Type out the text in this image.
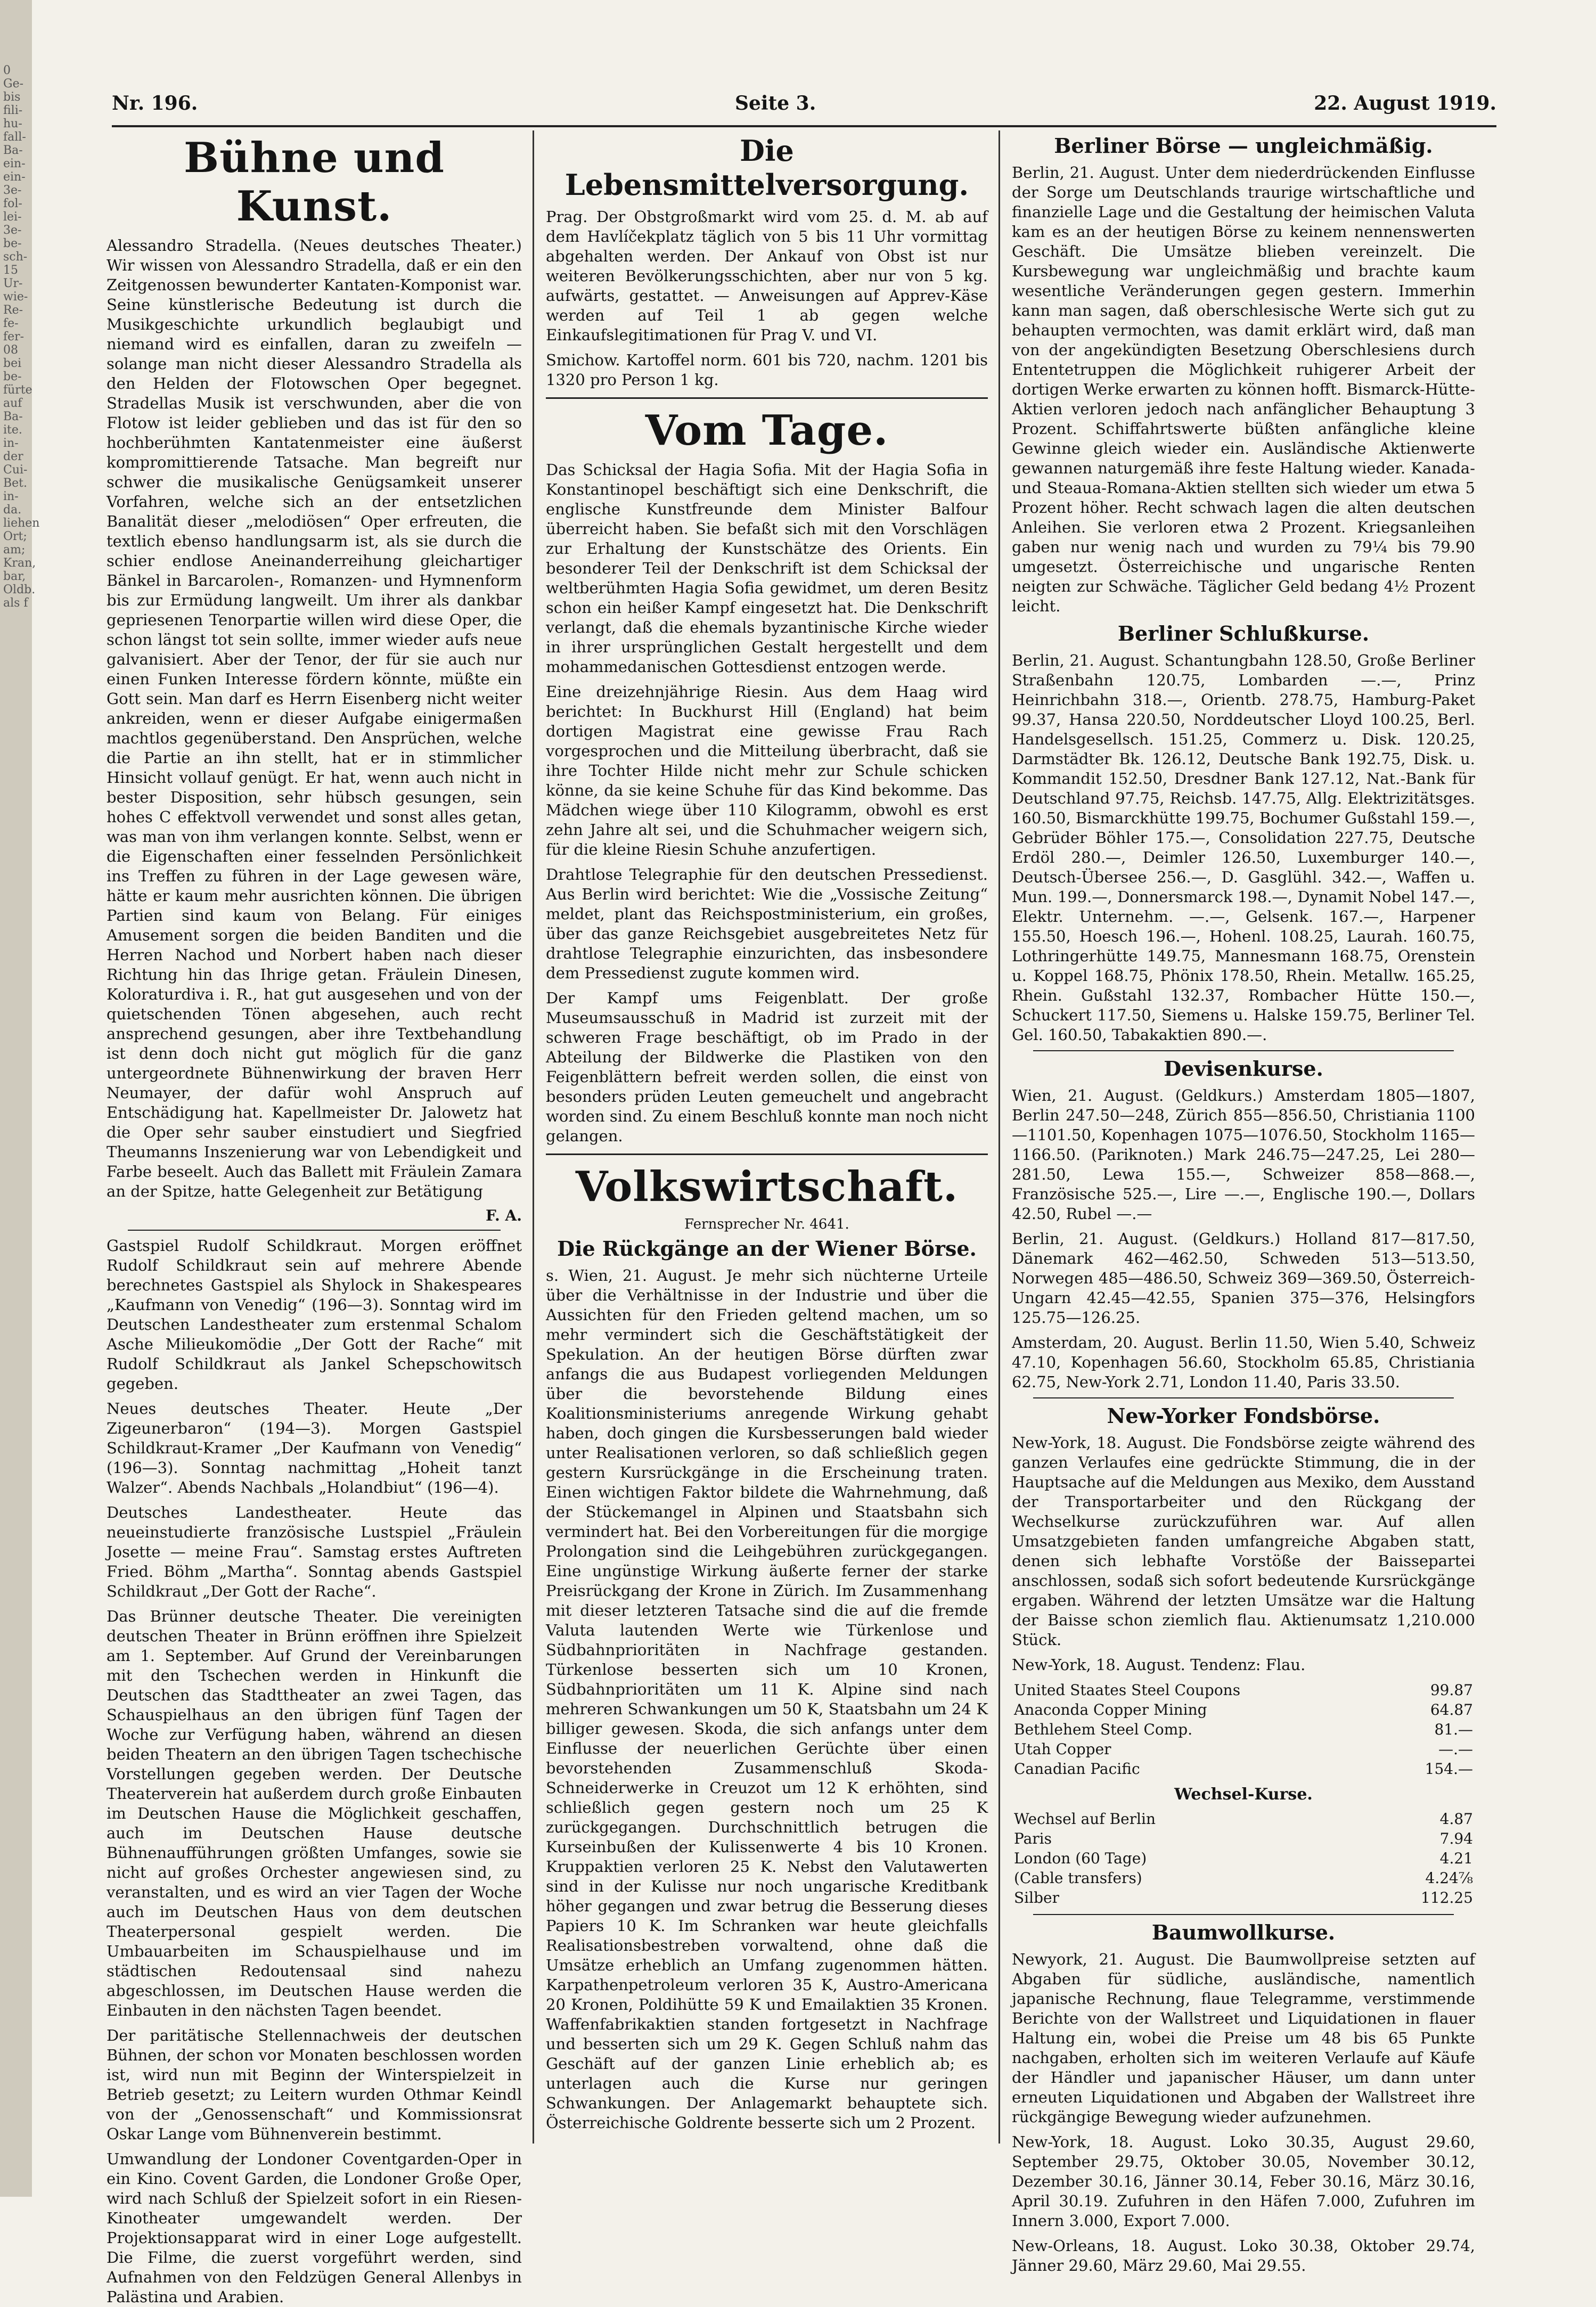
0 Ge- bis fili- hu- fall- Ba- ein- ein- 3e- fol- lei- 3e- be- sch- 15 Ur- wie- Re- fe- fer- 08 bei be- fürte auf Ba- ite. in- der Cui- Bet. in- da. liehen Ort; am; Kran, bar, Oldb. als f
Nr. 196.	Seite 3.	22. August 1919.
Bühne und Kunst.

Alessandro Stradella. (Neues deutsches Theater.) Wir wissen von Alessandro Stradella, daß er ein den Zeitgenossen bewunderter Kantaten-Komponist war. Seine künstlerische Bedeutung ist durch die Musikgeschichte urkundlich beglaubigt und niemand wird es einfallen, daran zu zweifeln — solange man nicht dieser Alessandro Stradella als den Helden der Flotowschen Oper begegnet. Stradellas Musik ist verschwunden, aber die von Flotow ist leider geblieben und das ist für den so hochberühmten Kantatenmeister eine äußerst kompromittierende Tatsache. Man begreift nur schwer die musikalische Genügsamkeit unserer Vorfahren, welche sich an der entsetzlichen Banalität dieser „melodiösen“ Oper erfreuten, die textlich ebenso handlungsarm ist, als sie durch die schier endlose Aneinanderreihung gleichartiger Bänkel in Barcarolen-, Romanzen- und Hymnenform bis zur Ermüdung langweilt. Um ihrer als dankbar gepriesenen Tenorpartie willen wird diese Oper, die schon längst tot sein sollte, immer wieder aufs neue galvanisiert. Aber der Tenor, der für sie auch nur einen Funken Interesse fördern könnte, müßte ein Gott sein. Man darf es Herrn Eisenberg nicht weiter ankreiden, wenn er dieser Aufgabe einigermaßen machtlos gegenüberstand. Den Ansprüchen, welche die Partie an ihn stellt, hat er in stimmlicher Hinsicht vollauf genügt. Er hat, wenn auch nicht in bester Disposition, sehr hübsch gesungen, sein hohes C effektvoll verwendet und sonst alles getan, was man von ihm verlangen konnte. Selbst, wenn er die Eigenschaften einer fesselnden Persönlichkeit ins Treffen zu führen in der Lage gewesen wäre, hätte er kaum mehr ausrichten können. Die übrigen Partien sind kaum von Belang. Für einiges Amusement sorgen die beiden Banditen und die Herren Nachod und Norbert haben nach dieser Richtung hin das Ihrige getan. Fräulein Dinesen, Koloraturdiva i. R., hat gut ausgesehen und von der quietschenden Tönen abgesehen, auch recht ansprechend gesungen, aber ihre Textbehandlung ist denn doch nicht gut möglich für die ganz untergeordnete Bühnenwirkung der braven Herr Neumayer, der dafür wohl Anspruch auf Entschädigung hat. Kapellmeister Dr. Jalowetz hat die Oper sehr sauber einstudiert und Siegfried Theumanns Inszenierung war von Lebendigkeit und Farbe beseelt. Auch das Ballett mit Fräulein Zamara an der Spitze, hatte Gelegenheit zur Betätigung

F. A.

Gastspiel Rudolf Schildkraut. Morgen eröffnet Rudolf Schildkraut sein auf mehrere Abende berechnetes Gastspiel als Shylock in Shakespeares „Kaufmann von Venedig“ (196—3). Sonntag wird im Deutschen Landestheater zum erstenmal Schalom Asche Milieukomödie „Der Gott der Rache“ mit Rudolf Schildkraut als Jankel Schepschowitsch gegeben.

Neues deutsches Theater. Heute „Der Zigeunerbaron“ (194—3). Morgen Gastspiel Schildkraut-Kramer „Der Kaufmann von Venedig“ (196—3). Sonntag nachmittag „Hoheit tanzt Walzer“. Abends Nachbals „Holandbiut“ (196—4).

Deutsches Landestheater. Heute das neueinstudierte französische Lustspiel „Fräulein Josette — meine Frau“. Samstag erstes Auftreten Fried. Böhm „Martha“. Sonntag abends Gastspiel Schildkraut „Der Gott der Rache“.

Das Brünner deutsche Theater. Die vereinigten deutschen Theater in Brünn eröffnen ihre Spielzeit am 1. September. Auf Grund der Vereinbarungen mit den Tschechen werden in Hinkunft die Deutschen das Stadttheater an zwei Tagen, das Schauspielhaus an den übrigen fünf Tagen der Woche zur Verfügung haben, während an diesen beiden Theatern an den übrigen Tagen tschechische Vorstellungen gegeben werden. Der Deutsche Theaterverein hat außerdem durch große Einbauten im Deutschen Hause die Möglichkeit geschaffen, auch im Deutschen Hause deutsche Bühnenaufführungen größten Umfanges, sowie sie nicht auf großes Orchester angewiesen sind, zu veranstalten, und es wird an vier Tagen der Woche auch im Deutschen Haus von dem deutschen Theaterpersonal gespielt werden. Die Umbauarbeiten im Schauspielhause und im städtischen Redoutensaal sind nahezu abgeschlossen, im Deutschen Hause werden die Einbauten in den nächsten Tagen beendet.

Der paritätische Stellennachweis der deutschen Bühnen, der schon vor Monaten beschlossen worden ist, wird nun mit Beginn der Winterspielzeit in Betrieb gesetzt; zu Leitern wurden Othmar Keindl von der „Genossenschaft“ und Kommissionsrat Oskar Lange vom Bühnenverein bestimmt.

Umwandlung der Londoner Coventgarden-Oper in ein Kino. Covent Garden, die Londoner Große Oper, wird nach Schluß der Spielzeit sofort in ein Riesen-Kinotheater umgewandelt werden. Der Projektionsapparat wird in einer Loge aufgestellt. Die Filme, die zuerst vorgeführt werden, sind Aufnahmen von den Feldzügen General Allenbys in Palästina und Arabien.

Die Lebensmittelversorgung.

Prag. Der Obstgroßmarkt wird vom 25. d. M. ab auf dem Havlíčekplatz täglich von 5 bis 11 Uhr vormittag abgehalten werden. Der Ankauf von Obst ist nur weiteren Bevölkerungsschichten, aber nur von 5 kg. aufwärts, gestattet. — Anweisungen auf Apprev-Käse werden auf Teil 1 ab gegen welche Einkaufslegitimationen für Prag V. und VI.

Smichow. Kartoffel norm. 601 bis 720, nachm. 1201 bis 1320 pro Person 1 kg.

Vom Tage.

Das Schicksal der Hagia Sofia. Mit der Hagia Sofia in Konstantinopel beschäftigt sich eine Denkschrift, die englische Kunstfreunde dem Minister Balfour überreicht haben. Sie befaßt sich mit den Vorschlägen zur Erhaltung der Kunstschätze des Orients. Ein besonderer Teil der Denkschrift ist dem Schicksal der weltberühmten Hagia Sofia gewidmet, um deren Besitz schon ein heißer Kampf eingesetzt hat. Die Denkschrift verlangt, daß die ehemals byzantinische Kirche wieder in ihrer ursprünglichen Gestalt hergestellt und dem mohammedanischen Gottesdienst entzogen werde.

Eine dreizehnjährige Riesin. Aus dem Haag wird berichtet: In Buckhurst Hill (England) hat beim dortigen Magistrat eine gewisse Frau Rach vorgesprochen und die Mitteilung überbracht, daß sie ihre Tochter Hilde nicht mehr zur Schule schicken könne, da sie keine Schuhe für das Kind bekomme. Das Mädchen wiege über 110 Kilogramm, obwohl es erst zehn Jahre alt sei, und die Schuhmacher weigern sich, für die kleine Riesin Schuhe anzufertigen.

Drahtlose Telegraphie für den deutschen Pressedienst. Aus Berlin wird berichtet: Wie die „Vossische Zeitung“ meldet, plant das Reichspostministerium, ein großes, über das ganze Reichsgebiet ausgebreitetes Netz für drahtlose Telegraphie einzurichten, das insbesondere dem Pressedienst zugute kommen wird.

Der Kampf ums Feigenblatt. Der große Museumsausschuß in Madrid ist zurzeit mit der schweren Frage beschäftigt, ob im Prado in der Abteilung der Bildwerke die Plastiken von den Feigenblättern befreit werden sollen, die einst von besonders prüden Leuten gemeuchelt und angebracht worden sind. Zu einem Beschluß konnte man noch nicht gelangen.

Volkswirtschaft.
Fernsprecher Nr. 4641.
Die Rückgänge an der Wiener Börse.

s. Wien, 21. August. Je mehr sich nüchterne Urteile über die Verhältnisse in der Industrie und über die Aussichten für den Frieden geltend machen, um so mehr vermindert sich die Geschäftstätigkeit der Spekulation. An der heutigen Börse dürften zwar anfangs die aus Budapest vorliegenden Meldungen über die bevorstehende Bildung eines Koalitionsministeriums anregende Wirkung gehabt haben, doch gingen die Kursbesserungen bald wieder unter Realisationen verloren, so daß schließlich gegen gestern Kursrückgänge in die Erscheinung traten. Einen wichtigen Faktor bildete die Wahrnehmung, daß der Stückemangel in Alpinen und Staatsbahn sich vermindert hat. Bei den Vorbereitungen für die morgige Prolongation sind die Leihgebühren zurückgegangen. Eine ungünstige Wirkung äußerte ferner der starke Preisrückgang der Krone in Zürich. Im Zusammenhang mit dieser letzteren Tatsache sind die auf die fremde Valuta lautenden Werte wie Türkenlose und Südbahnprioritäten in Nachfrage gestanden. Türkenlose besserten sich um 10 Kronen, Südbahnprioritäten um 11 K. Alpine sind nach mehreren Schwankungen um 50 K, Staatsbahn um 24 K billiger gewesen. Skoda, die sich anfangs unter dem Einflusse der neuerlichen Gerüchte über einen bevorstehenden Zusammenschluß Skoda-Schneiderwerke in Creuzot um 12 K erhöhten, sind schließlich gegen gestern noch um 25 K zurückgegangen. Durchschnittlich betrugen die Kurseinbußen der Kulissenwerte 4 bis 10 Kronen. Kruppaktien verloren 25 K. Nebst den Valutawerten sind in der Kulisse nur noch ungarische Kreditbank höher gegangen und zwar betrug die Besserung dieses Papiers 10 K. Im Schranken war heute gleichfalls Realisationsbestreben vorwaltend, ohne daß die Umsätze erheblich an Umfang zugenommen hätten. Karpathenpetroleum verloren 35 K, Austro-Americana 20 Kronen, Poldihütte 59 K und Emailaktien 35 Kronen. Waffenfabrikaktien standen fortgesetzt in Nachfrage und besserten sich um 29 K. Gegen Schluß nahm das Geschäft auf der ganzen Linie erheblich ab; es unterlagen auch die Kurse nur geringen Schwankungen. Der Anlagemarkt behauptete sich. Österreichische Goldrente besserte sich um 2 Prozent.

Berliner Börse — ungleichmäßig.

Berlin, 21. August. Unter dem niederdrückenden Einflusse der Sorge um Deutschlands traurige wirtschaftliche und finanzielle Lage und die Gestaltung der heimischen Valuta kam es an der heutigen Börse zu keinem nennenswerten Geschäft. Die Umsätze blieben vereinzelt. Die Kursbewegung war ungleichmäßig und brachte kaum wesentliche Veränderungen gegen gestern. Immerhin kann man sagen, daß oberschlesische Werte sich gut zu behaupten vermochten, was damit erklärt wird, daß man von der angekündigten Besetzung Oberschlesiens durch Ententetruppen die Möglichkeit ruhigerer Arbeit der dortigen Werke erwarten zu können hofft. Bismarck-Hütte-Aktien verloren jedoch nach anfänglicher Behauptung 3 Prozent. Schiffahrtswerte büßten anfängliche kleine Gewinne gleich wieder ein. Ausländische Aktienwerte gewannen naturgemäß ihre feste Haltung wieder. Kanada- und Steaua-Romana-Aktien stellten sich wieder um etwa 5 Prozent höher. Recht schwach lagen die alten deutschen Anleihen. Sie verloren etwa 2 Prozent. Kriegsanleihen gaben nur wenig nach und wurden zu 79¼ bis 79.90 umgesetzt. Österreichische und ungarische Renten neigten zur Schwäche. Täglicher Geld bedang 4½ Prozent leicht.

Berliner Schlußkurse.

Berlin, 21. August. Schantungbahn 128.50, Große Berliner Straßenbahn 120.75, Lombarden —.—, Prinz Heinrichbahn 318.—, Orientb. 278.75, Hamburg-Paket 99.37, Hansa 220.50, Norddeutscher Lloyd 100.25, Berl. Handelsgesellsch. 151.25, Commerz u. Disk. 120.25, Darmstädter Bk. 126.12, Deutsche Bank 192.75, Disk. u. Kommandit 152.50, Dresdner Bank 127.12, Nat.-Bank für Deutschland 97.75, Reichsb. 147.75, Allg. Elektrizitätsges. 160.50, Bismarckhütte 199.75, Bochumer Gußstahl 159.—, Gebrüder Böhler 175.—, Consolidation 227.75, Deutsche Erdöl 280.—, Deimler 126.50, Luxemburger 140.—, Deutsch-Übersee 256.—, D. Gasglühl. 342.—, Waffen u. Mun. 199.—, Donnersmarck 198.—, Dynamit Nobel 147.—, Elektr. Unternehm. —.—, Gelsenk. 167.—, Harpener 155.50, Hoesch 196.—, Hohenl. 108.25, Laurah. 160.75, Lothringerhütte 149.75, Mannesmann 168.75, Orenstein u. Koppel 168.75, Phönix 178.50, Rhein. Metallw. 165.25, Rhein. Gußstahl 132.37, Rombacher Hütte 150.—, Schuckert 117.50, Siemens u. Halske 159.75, Berliner Tel. Gel. 160.50, Tabakaktien 890.—.

Devisenkurse.

Wien, 21. August. (Geldkurs.) Amsterdam 1805—1807, Berlin 247.50—248, Zürich 855—856.50, Christiania 1100—1101.50, Kopenhagen 1075—1076.50, Stockholm 1165—1166.50. (Pariknoten.) Mark 246.75—247.25, Lei 280—281.50, Lewa 155.—, Schweizer 858—868.—, Französische 525.—, Lire —.—, Englische 190.—, Dollars 42.50, Rubel —.—

Berlin, 21. August. (Geldkurs.) Holland 817—817.50, Dänemark 462—462.50, Schweden 513—513.50, Norwegen 485—486.50, Schweiz 369—369.50, Österreich-Ungarn 42.45—42.55, Spanien 375—376, Helsingfors 125.75—126.25.

Amsterdam, 20. August. Berlin 11.50, Wien 5.40, Schweiz 47.10, Kopenhagen 56.60, Stockholm 65.85, Christiania 62.75, New-York 2.71, London 11.40, Paris 33.50.

New-Yorker Fondsbörse.

New-York, 18. August. Die Fondsbörse zeigte während des ganzen Verlaufes eine gedrückte Stimmung, die in der Hauptsache auf die Meldungen aus Mexiko, dem Ausstand der Transportarbeiter und den Rückgang der Wechselkurse zurückzuführen war. Auf allen Umsatzgebieten fanden umfangreiche Abgaben statt, denen sich lebhafte Vorstöße der Baissepartei anschlossen, sodaß sich sofort bedeutende Kursrückgänge ergaben. Während der letzten Umsätze war die Haltung der Baisse schon ziemlich flau. Aktienumsatz 1,210.000 Stück.

New-York, 18. August. Tendenz: Flau.

United Staates Steel Coupons	99.87
Anaconda Copper Mining	64.87
Bethlehem Steel Comp.	81.—
Utah Copper	—.—
Canadian Pacific	154.—
Wechsel-Kurse.
Wechsel auf Berlin	4.87
Paris	7.94
London (60 Tage)	4.21
(Cable transfers)	4.24⅞
Silber	112.25
Baumwollkurse.

Newyork, 21. August. Die Baumwollpreise setzten auf Abgaben für südliche, ausländische, namentlich japanische Rechnung, flaue Telegramme, verstimmende Berichte von der Wallstreet und Liquidationen in flauer Haltung ein, wobei die Preise um 48 bis 65 Punkte nachgaben, erholten sich im weiteren Verlaufe auf Käufe der Händler und japanischer Häuser, um dann unter erneuten Liquidationen und Abgaben der Wallstreet ihre rückgängige Bewegung wieder aufzunehmen.

New-York, 18. August. Loko 30.35, August 29.60, September 29.75, Oktober 30.05, November 30.12, Dezember 30.16, Jänner 30.14, Feber 30.16, März 30.16, April 30.19. Zufuhren in den Häfen 7.000, Zufuhren im Innern 3.000, Export 7.000.

New-Orleans, 18. August. Loko 30.38, Oktober 29.74, Jänner 29.60, März 29.60, Mai 29.55.
